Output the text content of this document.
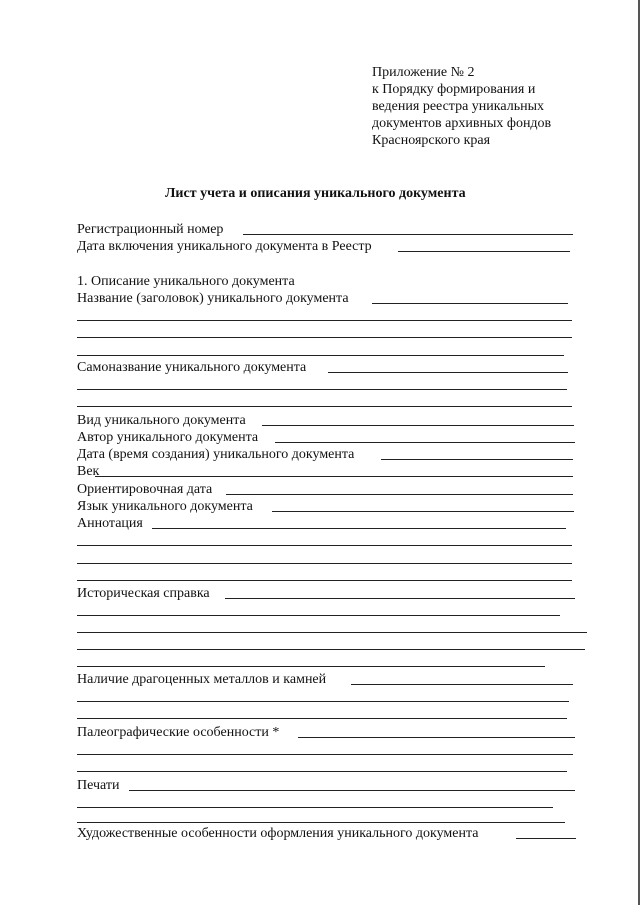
Приложение № 2
к Порядку формирования и
ведения реестра уникальных
документов архивных фондов
Красноярского края
Лист учета и описания уникального документа
Регистрационный номер
Дата включения уникального документа в Реестр
1. Описание уникального документа
Название (заголовок) уникального документа
Самоназвание уникального документа
Вид уникального документа
Автор уникального документа
Дата (время создания) уникального документа
Век
Ориентировочная дата
Язык уникального документа
Аннотация
Историческая справка
Наличие драгоценных металлов и камней
Палеографические особенности *
Печати
Художественные особенности оформления уникального документа
